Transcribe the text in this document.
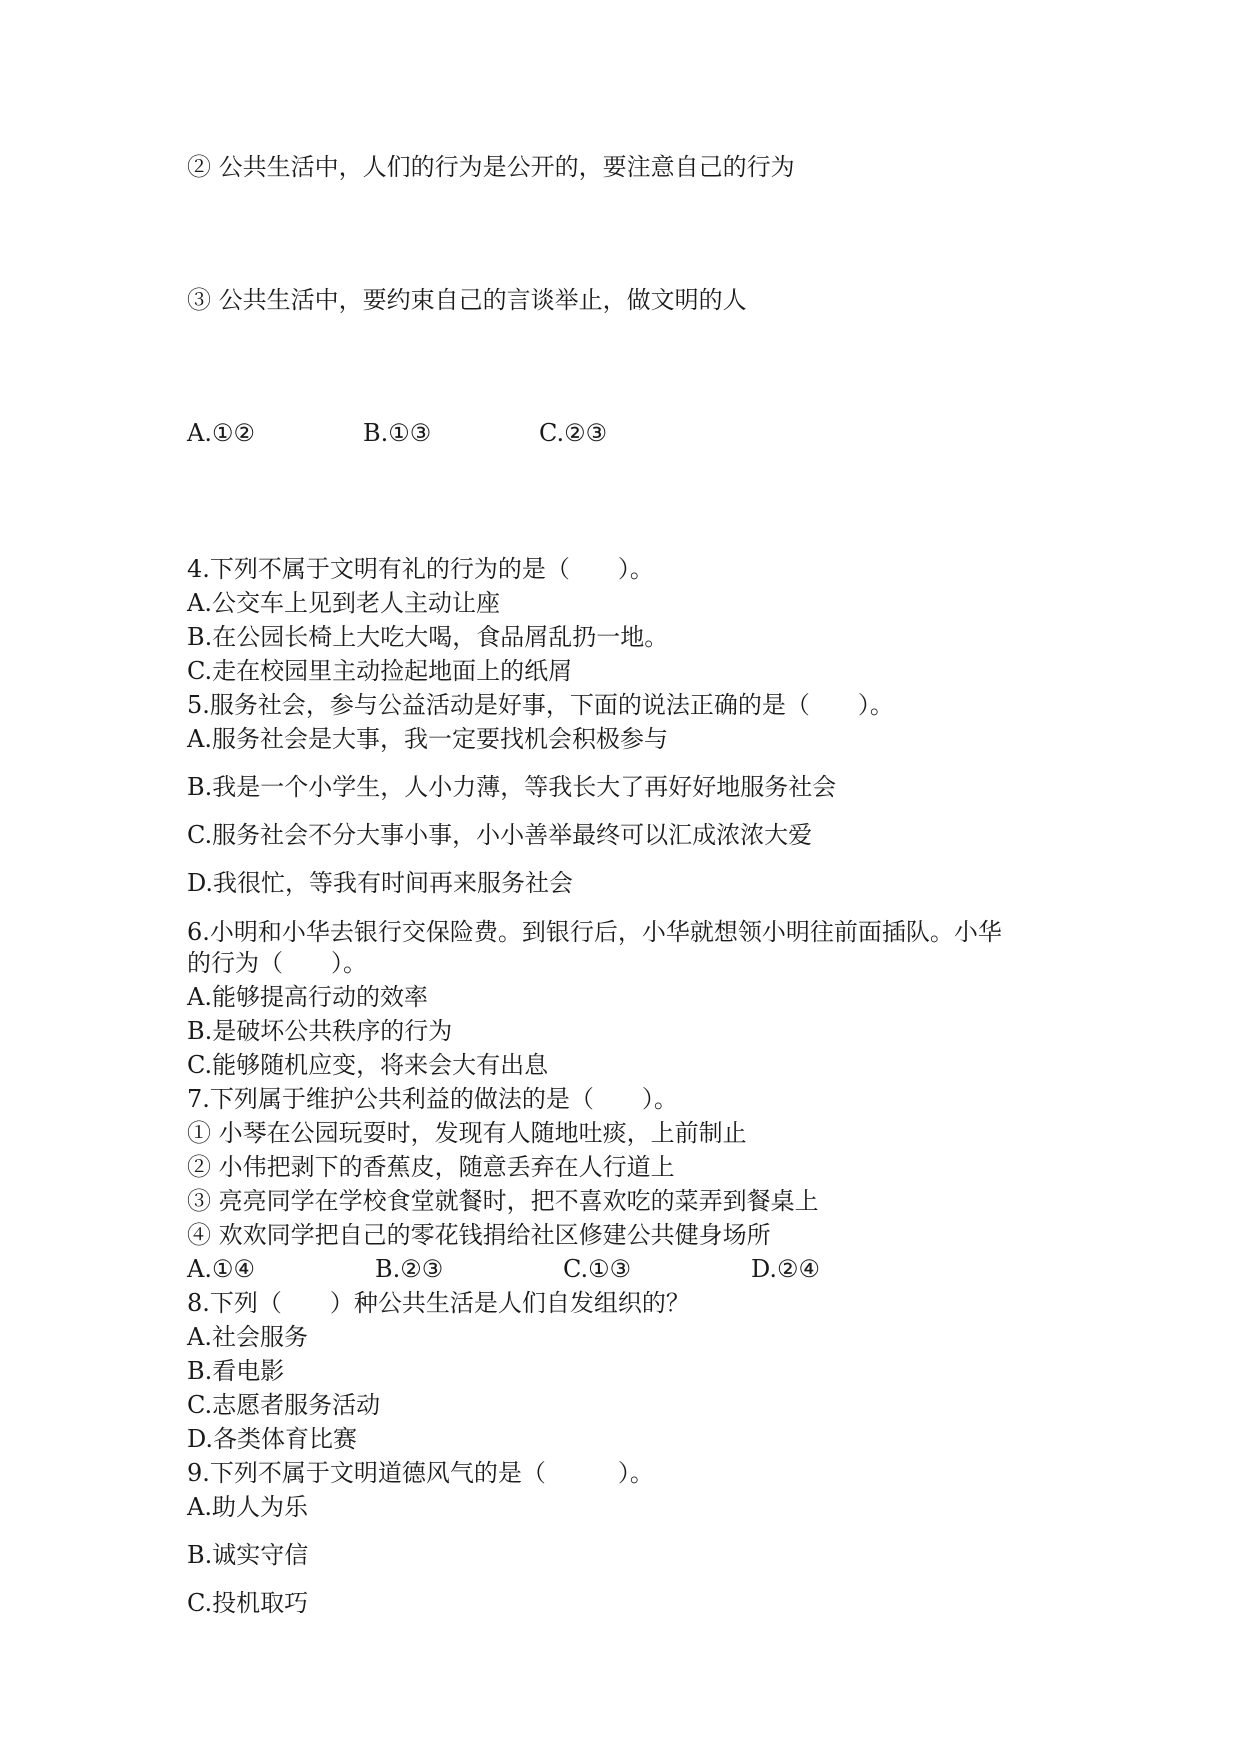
② 公共生活中，人们的行为是公开的，要注意自己的行为
③ 公共生活中，要约束自己的言谈举止，做文明的人
A.①②	B.①③	C.②③
4.下列不属于文明有礼的行为的是（　　）。
A.公交车上见到老人主动让座
B.在公园长椅上大吃大喝，食品屑乱扔一地。
C.走在校园里主动捡起地面上的纸屑
5.服务社会，参与公益活动是好事，下面的说法正确的是（　　）。
A.服务社会是大事，我一定要找机会积极参与
B.我是一个小学生，人小力薄，等我长大了再好好地服务社会
C.服务社会不分大事小事，小小善举最终可以汇成浓浓大爱
D.我很忙，等我有时间再来服务社会
6.小明和小华去银行交保险费。到银行后，小华就想领小明往前面插队。小华
的行为（　　）。
A.能够提高行动的效率
B.是破坏公共秩序的行为
C.能够随机应变，将来会大有出息
7.下列属于维护公共利益的做法的是（　　）。
① 小琴在公园玩耍时，发现有人随地吐痰，上前制止
② 小伟把剥下的香蕉皮，随意丢弃在人行道上
③ 亮亮同学在学校食堂就餐时，把不喜欢吃的菜弄到餐桌上
④ 欢欢同学把自己的零花钱捐给社区修建公共健身场所
A.①④	B.②③	C.①③	D.②④
8.下列（　　）种公共生活是人们自发组织的？
A.社会服务
B.看电影
C.志愿者服务活动
D.各类体育比赛
9.下列不属于文明道德风气的是（　　　）。
A.助人为乐
B.诚实守信
C.投机取巧
